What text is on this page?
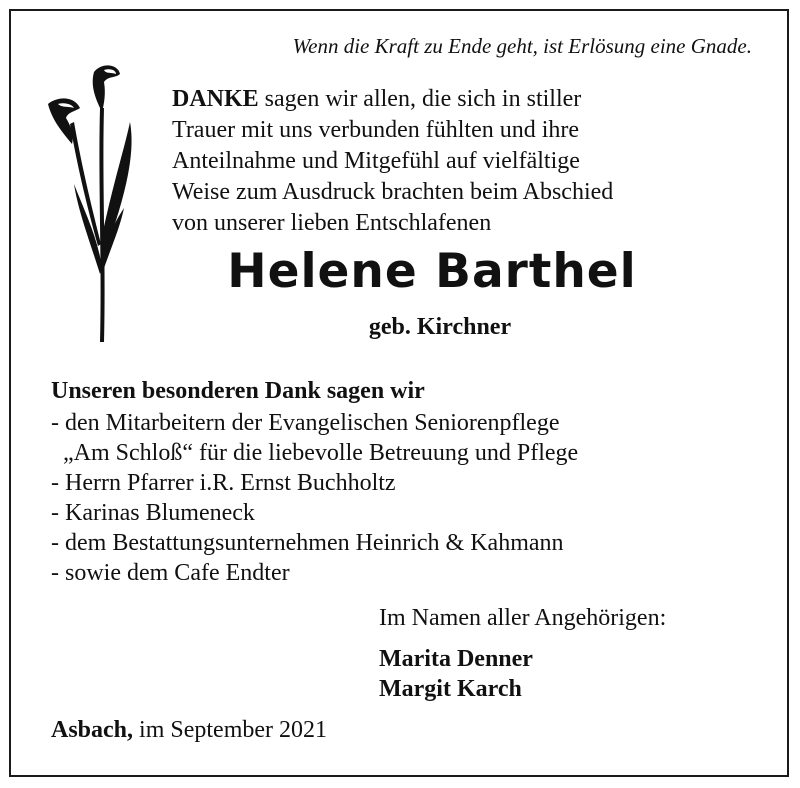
Wenn die Kraft zu Ende geht, ist Erlösung eine Gnade.
DANKE sagen wir allen, die sich in stiller
Trauer mit uns verbunden fühlten und ihre
Anteilnahme und Mitgefühl auf vielfältige
Weise zum Ausdruck brachten beim Abschied
von unserer lieben Entschlafenen
Helene Barthel
geb. Kirchner
Unseren besonderen Dank sagen wir
- den Mitarbeitern der Evangelischen Seniorenpflege
„Am Schloß“ für die liebevolle Betreuung und Pflege
- Herrn Pfarrer i.R. Ernst Buchholtz
- Karinas Blumeneck
- dem Bestattungsunternehmen Heinrich & Kahmann
- sowie dem Cafe Endter
Im Namen aller Angehörigen:
Marita Denner
Margit Karch
Asbach, im September 2021
